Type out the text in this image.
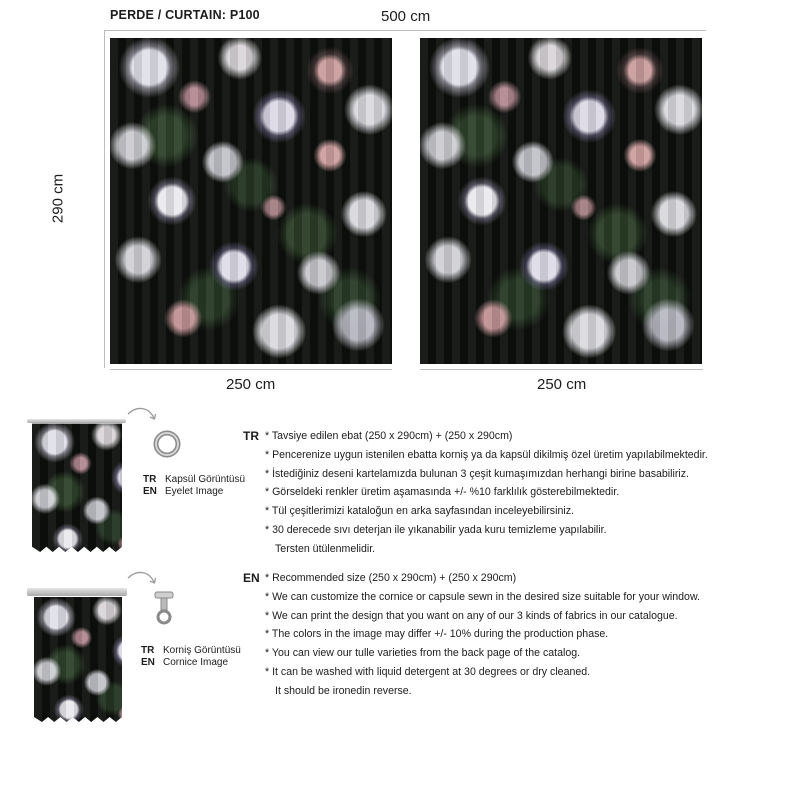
PERDE / CURTAIN: P100	500 cm
290 cm
250 cm	250 cm
TR Kapsül Görüntüsü
EN Eyelet Image
TR Korniş Görüntüsü
EN Cornice Image
TR * Tavsiye edilen ebat (250 x 290cm) + (250 x 290cm)
* Pencerenize uygun istenilen ebatta korniş ya da kapsül dikilmiş özel üretim yapılabilmektedir.
* İstediğiniz deseni kartelamızda bulunan 3 çeşit kumaşımızdan herhangi birine basabiliriz.
* Görseldeki renkler üretim aşamasında +/- %10 farklılık gösterebilmektedir.
* Tül çeşitlerimizi kataloğun en arka sayfasından inceleyebilirsiniz.
* 30 derecede sıvı deterjan ile yıkanabilir yada kuru temizleme yapılabilir.
Tersten ütülenmelidir.
EN * Recommended size (250 x 290cm) + (250 x 290cm)
* We can customize the cornice or capsule sewn in the desired size suitable for your window.
* We can print the design that you want on any of our 3 kinds of fabrics in our catalogue.
* The colors in the image may differ +/- 10% during the production phase.
* You can view our tulle varieties from the back page of the catalog.
* It can be washed with liquid detergent at 30 degrees or dry cleaned.
It should be ironedin reverse.
